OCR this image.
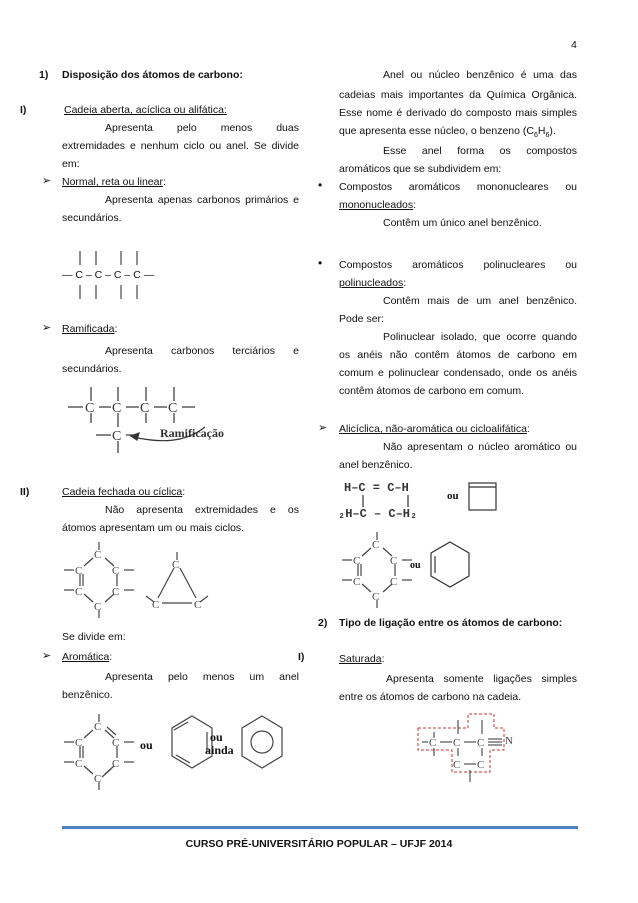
4
1) Disposição dos átomos de carbono:
I)	Cadeia aberta, acíclica ou alifática:
Apresenta pelo menos duas
extremidades e nenhum ciclo ou anel. Se divide
em:
➢ Normal, reta ou linear:
Apresenta apenas carbonos primários e
secundários.
— C – C – C – C —
➢ Ramificada:
Apresenta carbonos terciários e
secundários.
C C C C
C	Ramificação
II)	Cadeia fechada ou cíclica:
Não apresenta extremidades e os
átomos apresentam um ou mais ciclos.
C
C	C
C	C
C
C
C	C
Se divide em:
➢ Aromática:	I)
Apresenta pelo menos um anel
benzênico.
C
C	C
C	C
C
ou
ou
ainda
Anel ou núcleo benzênico é uma das
cadeias mais importantes da Química Orgânica.
Esse nome é derivado do composto mais simples
que apresenta esse núcleo, o benzeno $(C_6H_6)$.
Esse anel forma os compostos
aromáticos que se subdividem em:
• Compostos aromáticos mononucleares ou
mononucleados:
Contêm um único anel benzênico.
• Compostos aromáticos polinucleares ou
polinucleados:
Contêm mais de um anel benzênico.
Pode ser:
Polinuclear isolado, que ocorre quando
os anéis não contêm átomos de carbono em
comum e polinuclear condensado, onde os anéis
contêm átomos de carbono em comum.
➢ Alicíclica, não-aromática ou cicloalifática:
Não apresentam o núcleo aromático ou
anel benzênico.
H–C = C–H
₂H–C – C–H₂
ou
C
C	C
C	C
C
ou
2) Tipo de ligação entre os átomos de carbono:
Saturada:
Apresenta somente ligações simples
entre os átomos de carbono na cadeia.
C C C
C C
N
CURSO PRÉ-UNIVERSITÁRIO POPULAR – UFJF 2014
